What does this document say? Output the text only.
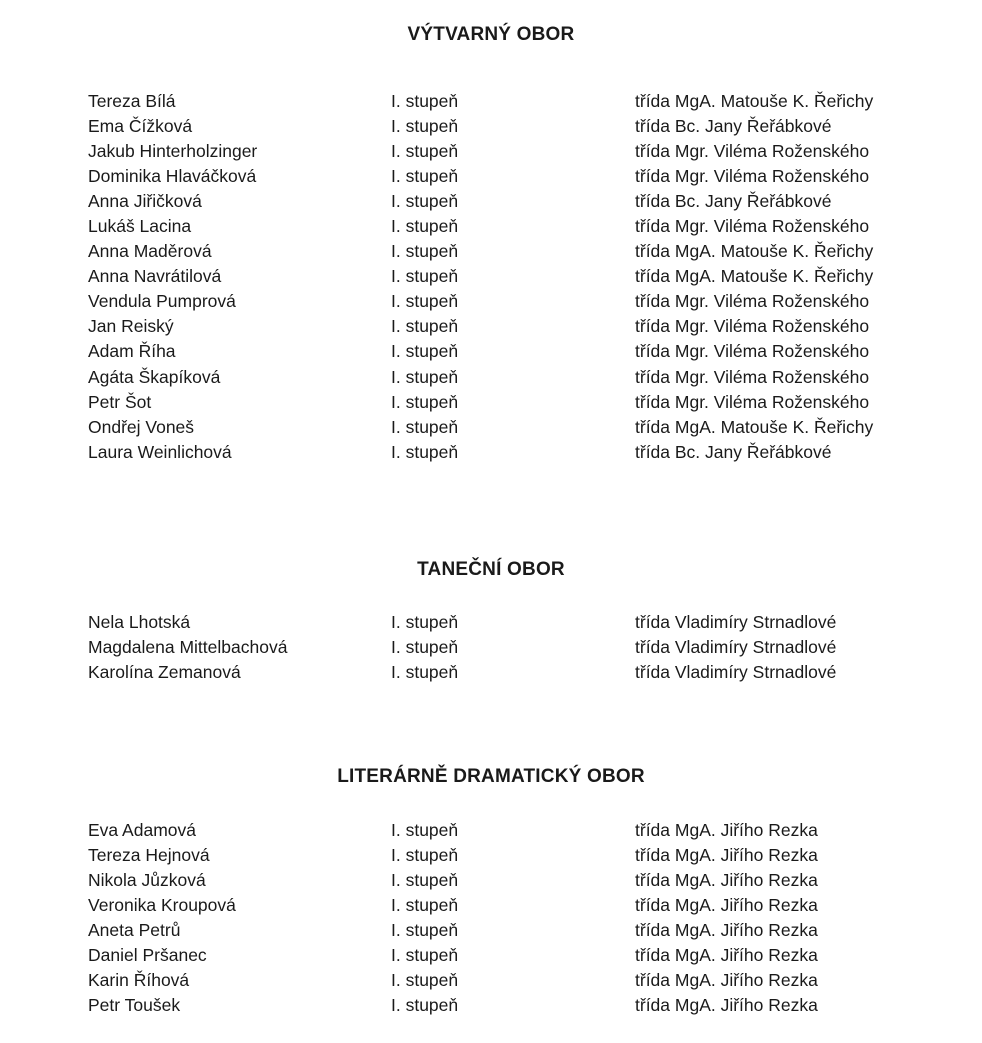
VÝTVARNÝ OBOR
Tereza Bílá	I. stupeň	třída MgA. Matouše K. Řeřichy
Ema Čížková	I. stupeň	třída Bc. Jany Řeřábkové
Jakub Hinterholzinger	I. stupeň	třída Mgr. Viléma Roženského
Dominika Hlaváčková	I. stupeň	třída Mgr. Viléma Roženského
Anna Jiřičková	I. stupeň	třída Bc. Jany Řeřábkové
Lukáš Lacina	I. stupeň	třída Mgr. Viléma Roženského
Anna Maděrová	I. stupeň	třída MgA. Matouše K. Řeřichy
Anna Navrátilová	I. stupeň	třída MgA. Matouše K. Řeřichy
Vendula Pumprová	I. stupeň	třída Mgr. Viléma Roženského
Jan Reiský	I. stupeň	třída Mgr. Viléma Roženského
Adam Říha	I. stupeň	třída Mgr. Viléma Roženského
Agáta Škapíková	I. stupeň	třída Mgr. Viléma Roženského
Petr Šot	I. stupeň	třída Mgr. Viléma Roženského
Ondřej Voneš	I. stupeň	třída MgA. Matouše K. Řeřichy
Laura Weinlichová	I. stupeň	třída Bc. Jany Řeřábkové
TANEČNÍ OBOR
Nela Lhotská	I. stupeň	třída Vladimíry Strnadlové
Magdalena Mittelbachová	I. stupeň	třída Vladimíry Strnadlové
Karolína Zemanová	I. stupeň	třída Vladimíry Strnadlové
LITERÁRNĚ DRAMATICKÝ OBOR
Eva Adamová	I. stupeň	třída MgA. Jiřího Rezka
Tereza Hejnová	I. stupeň	třída MgA. Jiřího Rezka
Nikola Jůzková	I. stupeň	třída MgA. Jiřího Rezka
Veronika Kroupová	I. stupeň	třída MgA. Jiřího Rezka
Aneta Petrů	I. stupeň	třída MgA. Jiřího Rezka
Daniel Pršanec	I. stupeň	třída MgA. Jiřího Rezka
Karin Říhová	I. stupeň	třída MgA. Jiřího Rezka
Petr Toušek	I. stupeň	třída MgA. Jiřího Rezka
